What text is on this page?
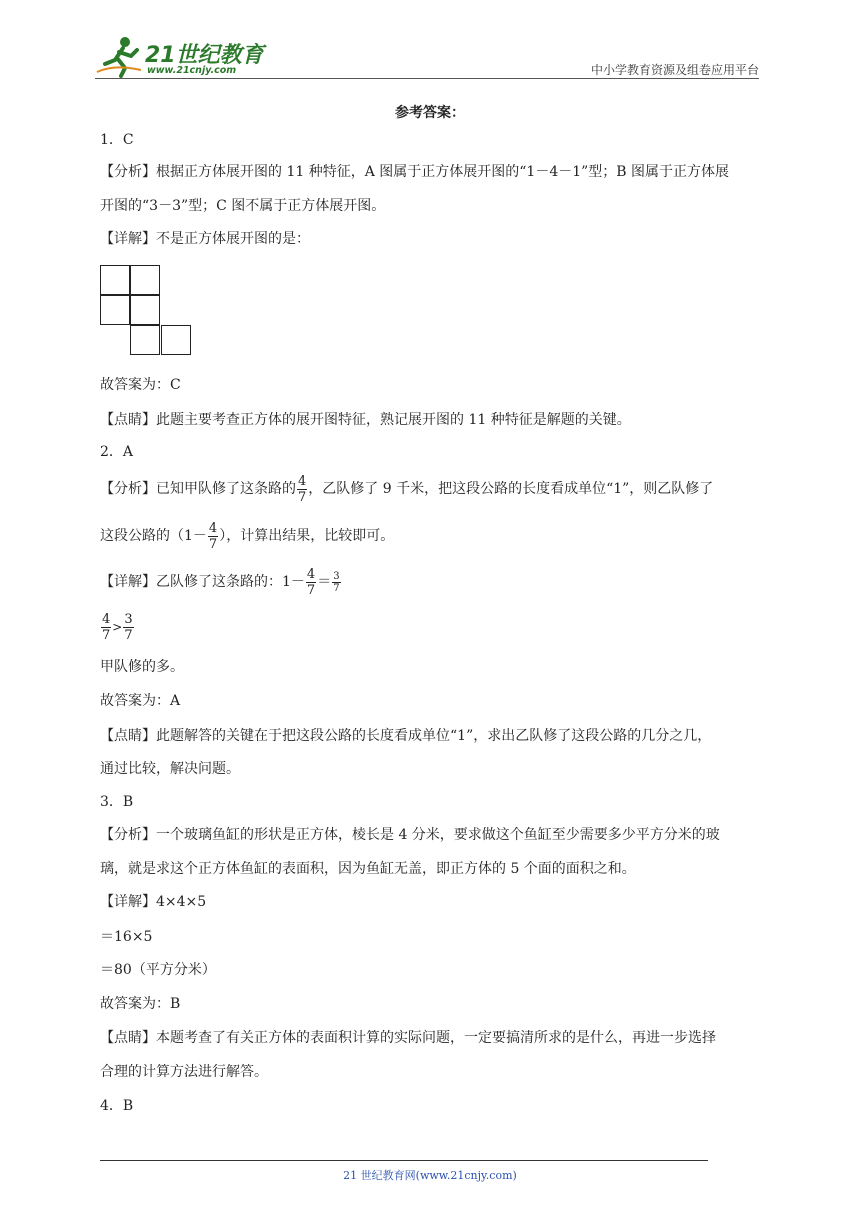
21世纪教育
www.21cnjy.com	中小学教育资源及组卷应用平台
参考答案：
1．C
【分析】根据正方体展开图的 11 种特征，A 图属于正方体展开图的“1－4－1”型；B 图属于正方体展
开图的“3－3”型；C 图不属于正方体展开图。
【详解】不是正方体展开图的是：
故答案为：C
【点睛】此题主要考查正方体的展开图特征，熟记展开图的 11 种特征是解题的关键。
2．A
【分析】已知甲队修了这条路的 $\frac{4}{7}$ ，乙队修了 9 千米，把这段公路的长度看成单位“1”，则乙队修了
这段公路的（$1- \frac{4}{7}$ ），计算出结果，比较即可。
【详解】乙队修了这条路的：$1- \frac{4}{7} = \frac{3}{7}$
$\frac{4}{7} > \frac{3}{7}$
甲队修的多。
故答案为：A
【点睛】此题解答的关键在于把这段公路的长度看成单位“1”，求出乙队修了这段公路的几分之几，
通过比较，解决问题。
3．B
【分析】一个玻璃鱼缸的形状是正方体，棱长是 4 分米，要求做这个鱼缸至少需要多少平方分米的玻
璃，就是求这个正方体鱼缸的表面积，因为鱼缸无盖，即正方体的 5 个面的面积之和。
【详解】4×4×5
＝16×5
＝80（平方分米）
故答案为：B
【点睛】本题考查了有关正方体的表面积计算的实际问题，一定要搞清所求的是什么，再进一步选择
合理的计算方法进行解答。
4．B
21 世纪教育网(www.21cnjy.com)
